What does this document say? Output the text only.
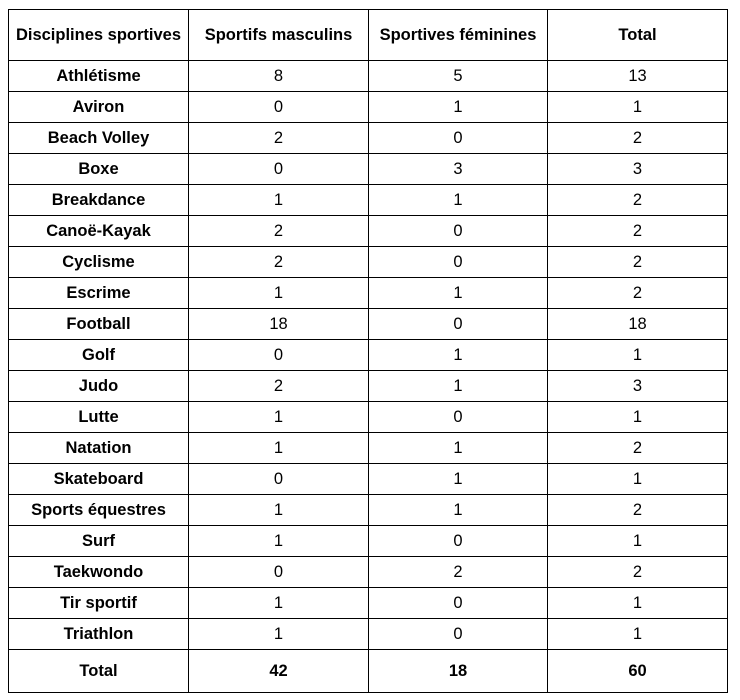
Disciplines sportives	Sportifs masculins	Sportives féminines	Total
Athlétisme	8	5	13
Aviron	0	1	1
Beach Volley	2	0	2
Boxe	0	3	3
Breakdance	1	1	2
Canoë-Kayak	2	0	2
Cyclisme	2	0	2
Escrime	1	1	2
Football	18	0	18
Golf	0	1	1
Judo	2	1	3
Lutte	1	0	1
Natation	1	1	2
Skateboard	0	1	1
Sports équestres	1	1	2
Surf	1	0	1
Taekwondo	0	2	2
Tir sportif	1	0	1
Triathlon	1	0	1
Total	42	18	60
